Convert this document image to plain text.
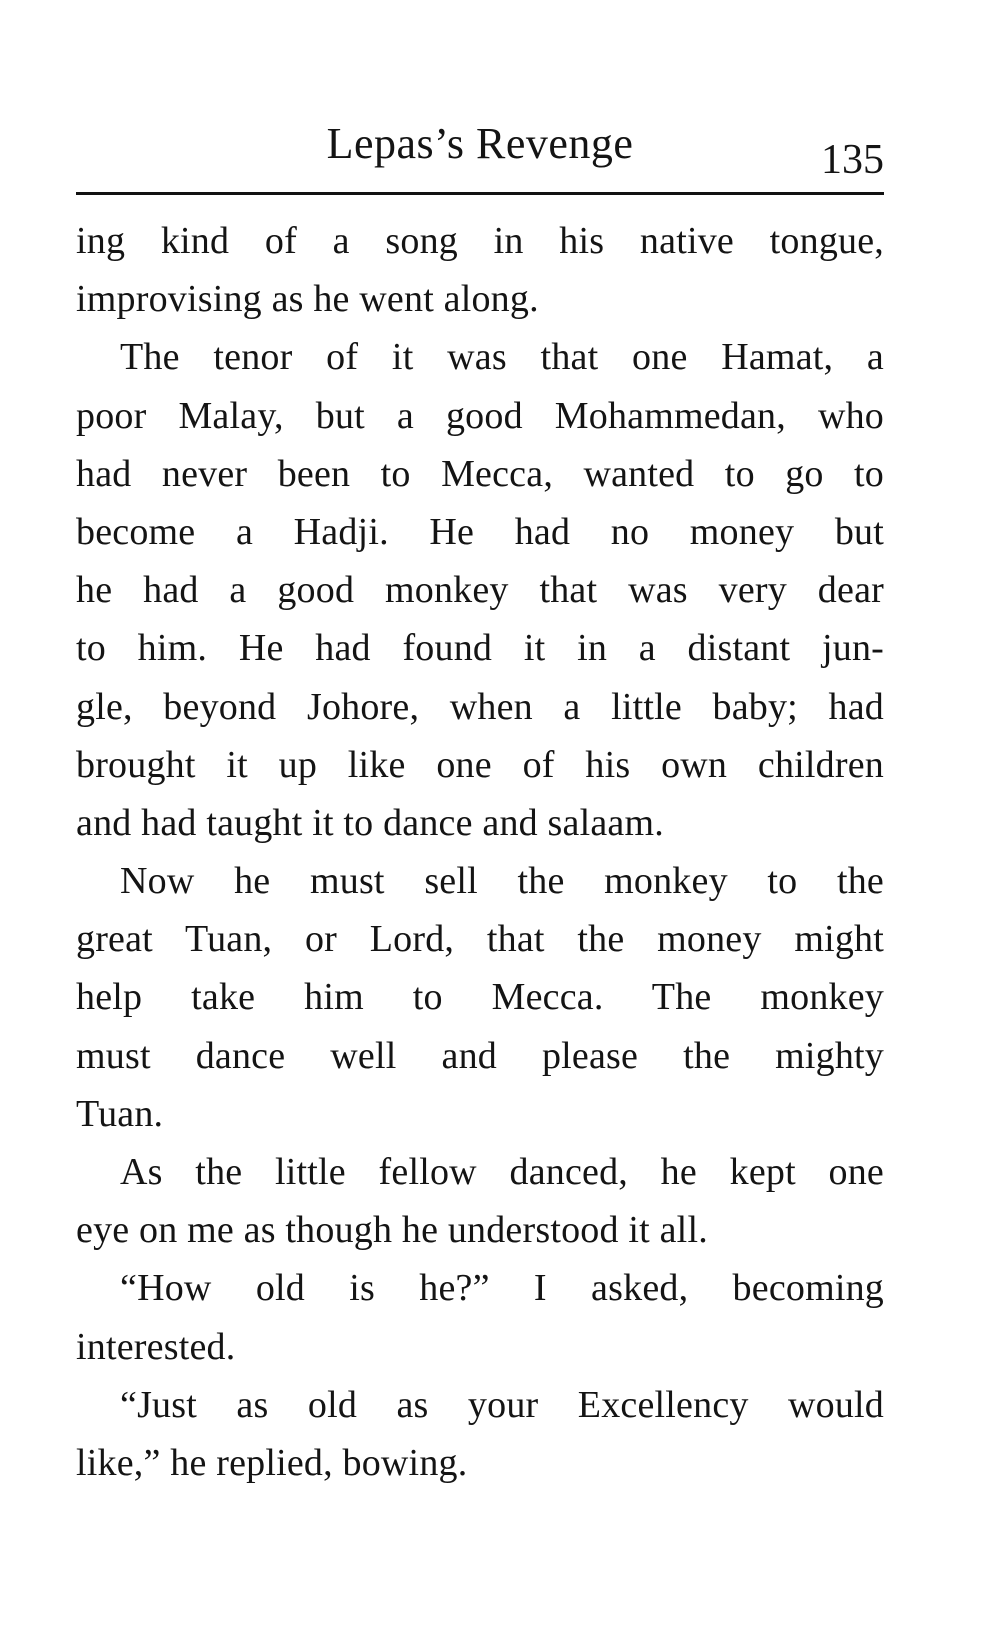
Lepas’s Revenge	135
ing kind of a song in his native tongue,
improvising as he went along.
The tenor of it was that one Hamat, a
poor Malay, but a good Mohammedan, who
had never been to Mecca, wanted to go to
become a Hadji. He had no money but
he had a good monkey that was very dear
to him. He had found it in a distant jun-
gle, beyond Johore, when a little baby; had
brought it up like one of his own children
and had taught it to dance and salaam.
Now he must sell the monkey to the
great Tuan, or Lord, that the money might
help take him to Mecca. The monkey
must dance well and please the mighty
Tuan.
As the little fellow danced, he kept one
eye on me as though he understood it all.
“How old is he?” I asked, becoming
interested.
“Just as old as your Excellency would
like,” he replied, bowing.
